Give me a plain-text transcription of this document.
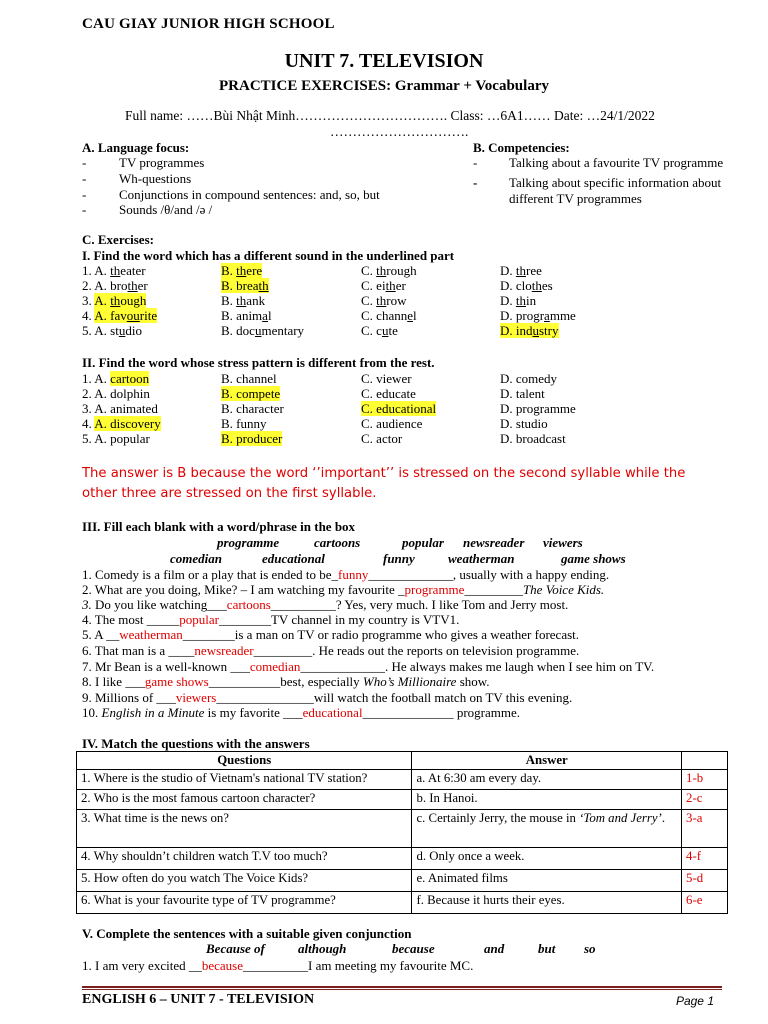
CAU GIAY JUNIOR HIGH SCHOOL
UNIT 7. TELEVISION
PRACTICE EXERCISES: Grammar + Vocabulary
Full name: ……Bùi Nhật Minh……………………………. Class: …6A1…… Date: …24/1/2022
………………………….
A. Language focus:
-	TV programmes
-	Wh-questions
-	Conjunctions in compound sentences: and, so, but
-	Sounds /θ/and /ə /
B. Competencies:
- Talking about a favourite TV programme
- Talking about specific information about
different TV programmes
C. Exercises:
I. Find the word which has a different sound in the underlined part
1. A. theater	B. there	C. through	D. three
2. A. brother	B. breath	C. either	D. clothes
3. A. though	B. thank	C. throw	D. thin
4. A. favourite	B. animal	C. channel	D. programme
5. A. studio	B. documentary	C. cute	D. industry
II. Find the word whose stress pattern is different from the rest.
1. A. cartoon	B. channel	C. viewer	D. comedy
2. A. dolphin	B. compete	C. educate	D. talent
3. A. animated	B. character	C. educational	D. programme
4. A. discovery	B. funny	C. audience	D. studio
5. A. popular	B. producer	C. actor	D. broadcast
The answer is B because the word ‘’important’’ is stressed on the second syllable while the other three are stressed on the first syllable.
III. Fill each blank with a word/phrase in the box
programme	cartoons	popular newsreader viewers
comedian	educational	funny	weatherman	game shows
1. Comedy is a film or a play that is ended to be_funny_____________, usually with a happy ending.
2. What are you doing, Mike? – I am watching my favourite _programme_________The Voice Kids.
3. Do you like watching___cartoons__________? Yes, very much. I like Tom and Jerry most.
4. The most _____popular________TV channel in my country is VTV1.
5. A __weatherman________is a man on TV or radio programme who gives a weather forecast.
6. That man is a ____newsreader_________. He reads out the reports on television programme.
7. Mr Bean is a well-known ___comedian_____________. He always makes me laugh when I see him on TV.
8. I like ___game shows___________best, especially Who’s Millionaire show.
9. Millions of ___viewers_______________will watch the football match on TV this evening.
10. English in a Minute is my favorite ___educational______________ programme.
IV. Match the questions with the answers
Questions	Answer	
1. Where is the studio of Vietnam's national TV station?	a. At 6:30 am every day.	1-b
2. Who is the most famous cartoon character?	b. In Hanoi.	2-c
3. What time is the news on?	c. Certainly Jerry, the mouse in ‘Tom and Jerry’.	3-a
4. Why shouldn’t children watch T.V too much?	d. Only once a week.	4-f
5. How often do you watch The Voice Kids?	e. Animated films	5-d
6. What is your favourite type of TV programme?	f. Because it hurts their eyes.	6-e
V. Complete the sentences with a suitable given conjunction
Because of	although	because	and	but so
1. I am very excited __because__________I am meeting my favourite MC.
ENGLISH 6 – UNIT 7 - TELEVISION	Page 1
